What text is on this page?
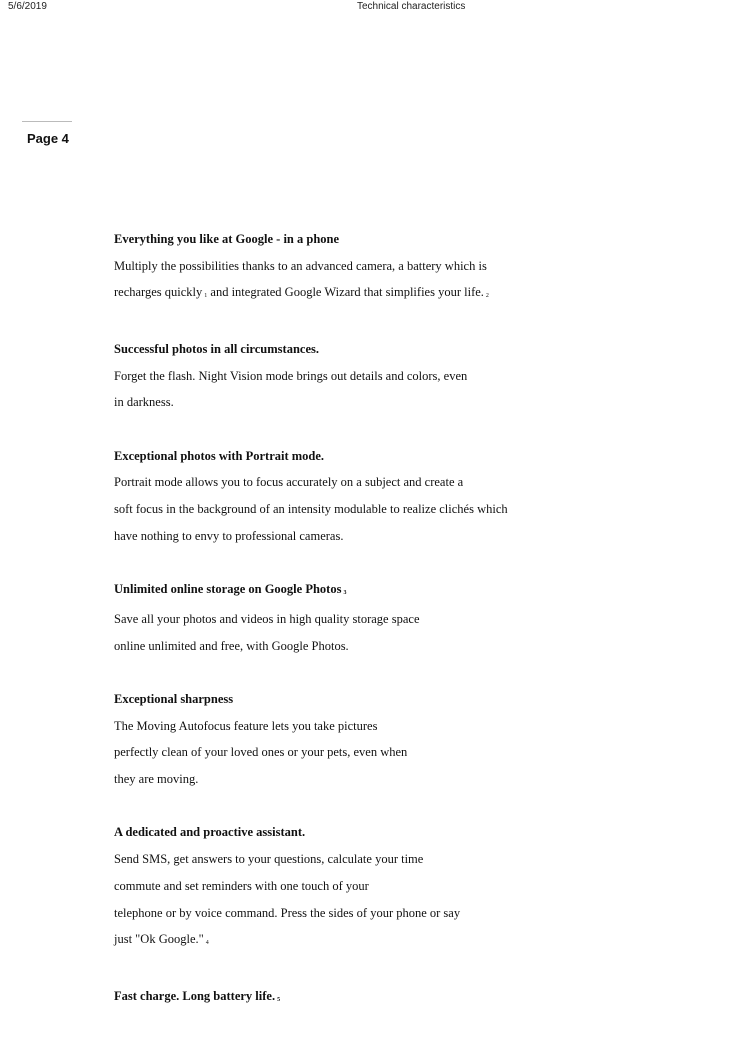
5/6/2019	Technical characteristics
Page 4
Everything you like at Google - in a phone
Multiply the possibilities thanks to an advanced camera, a battery which is
recharges quickly 1 and integrated Google Wizard that simplifies your life. 2
Successful photos in all circumstances.
Forget the flash. Night Vision mode brings out details and colors, even
in darkness.
Exceptional photos with Portrait mode.
Portrait mode allows you to focus accurately on a subject and create a
soft focus in the background of an intensity modulable to realize clichés which
have nothing to envy to professional cameras.
Unlimited online storage on Google Photos 3
Save all your photos and videos in high quality storage space
online unlimited and free, with Google Photos.
Exceptional sharpness
The Moving Autofocus feature lets you take pictures
perfectly clean of your loved ones or your pets, even when
they are moving.
A dedicated and proactive assistant.
Send SMS, get answers to your questions, calculate your time
commute and set reminders with one touch of your
telephone or by voice command. Press the sides of your phone or say
just "Ok Google." 4
Fast charge. Long battery life. 5
